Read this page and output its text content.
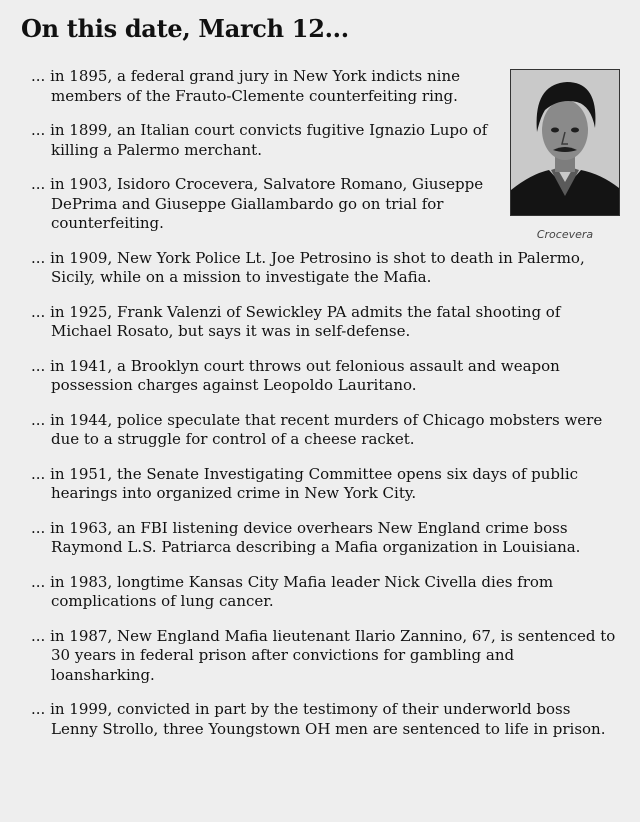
On this date, March 12...
... in 1895, a federal grand jury in New York indicts nine members of the Frauto-Clemente counterfeiting ring.
... in 1899, an Italian court convicts fugitive Ignazio Lupo of killing a Palermo merchant.
... in 1903, Isidoro Crocevera, Salvatore Romano, Giuseppe DePrima and Giuseppe Giallambardo go on trial for counterfeiting.
... in 1909, New York Police Lt. Joe Petrosino is shot to death in Palermo, Sicily, while on a mission to investigate the Mafia.
... in 1925, Frank Valenzi of Sewickley PA admits the fatal shooting of Michael Rosato, but says it was in self-defense.
... in 1941, a Brooklyn court throws out felonious assault and weapon possession charges against Leopoldo Lauritano.
... in 1944, police speculate that recent murders of Chicago mobsters were due to a struggle for control of a cheese racket.
... in 1951, the Senate Investigating Committee opens six days of public hearings into organized crime in New York City.
... in 1963, an FBI listening device overhears New England crime boss Raymond L.S. Patriarca describing a Mafia organization in Louisiana.
... in 1983, longtime Kansas City Mafia leader Nick Civella dies from complications of lung cancer.
... in 1987, New England Mafia lieutenant Ilario Zannino, 67, is sentenced to 30 years in federal prison after convictions for gambling and loansharking.
... in 1999, convicted in part by the testimony of their underworld boss Lenny Strollo, three Youngstown OH men are sentenced to life in prison.
Crocevera
